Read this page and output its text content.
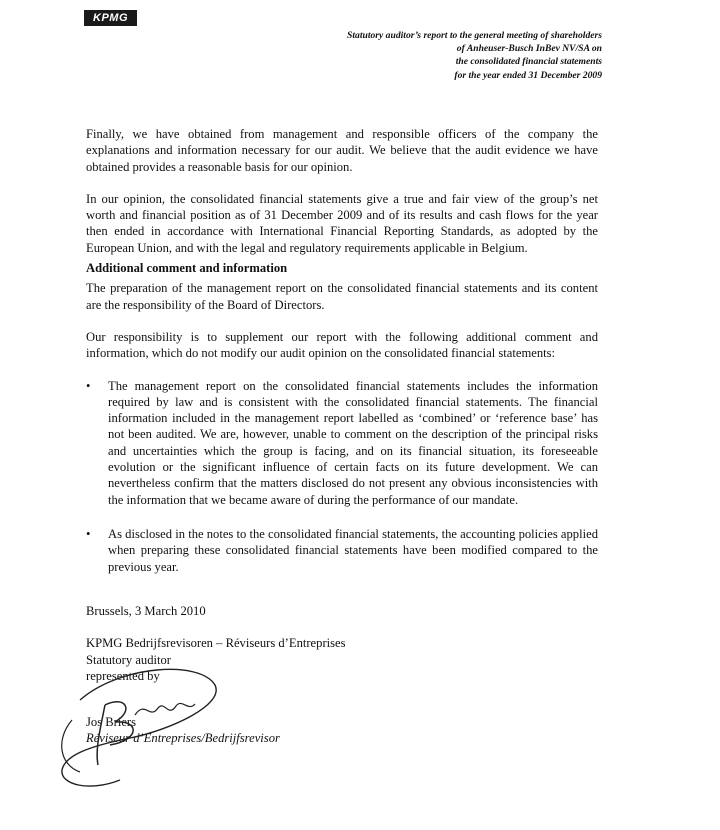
KPMG
Statutory auditor’s report to the general meeting of shareholders
of Anheuser-Busch InBev NV/SA on
the consolidated financial statements
for the year ended 31 December 2009

Finally, we have obtained from management and responsible officers of the company the explanations and information necessary for our audit. We believe that the audit evidence we have obtained provides a reasonable basis for our opinion.

In our opinion, the consolidated financial statements give a true and fair view of the group’s net worth and financial position as of 31 December 2009 and of its results and cash flows for the year then ended in accordance with International Financial Reporting Standards, as adopted by the European Union, and with the legal and regulatory requirements applicable in Belgium.

Additional comment and information

The preparation of the management report on the consolidated financial statements and its content are the responsibility of the Board of Directors.

Our responsibility is to supplement our report with the following additional comment and information, which do not modify our audit opinion on the consolidated financial statements:

• The management report on the consolidated financial statements includes the information required by law and is consistent with the consolidated financial statements. The financial information included in the management report labelled as ‘combined’ or ‘reference base’ has not been audited. We are, however, unable to comment on the description of the principal risks and uncertainties which the group is facing, and on its financial situation, its foreseeable evolution or the significant influence of certain facts on its future development. We can nevertheless confirm that the matters disclosed do not present any obvious inconsistencies with the information that we became aware of during the performance of our mandate.
• As disclosed in the notes to the consolidated financial statements, the accounting policies applied when preparing these consolidated financial statements have been modified compared to the previous year.
Brussels, 3 March 2010
KPMG Bedrijfsrevisoren – Réviseurs d’Entreprises
Statutory auditor
represented by
Jos Briers
Réviseur d’Entreprises/Bedrijfsrevisor
